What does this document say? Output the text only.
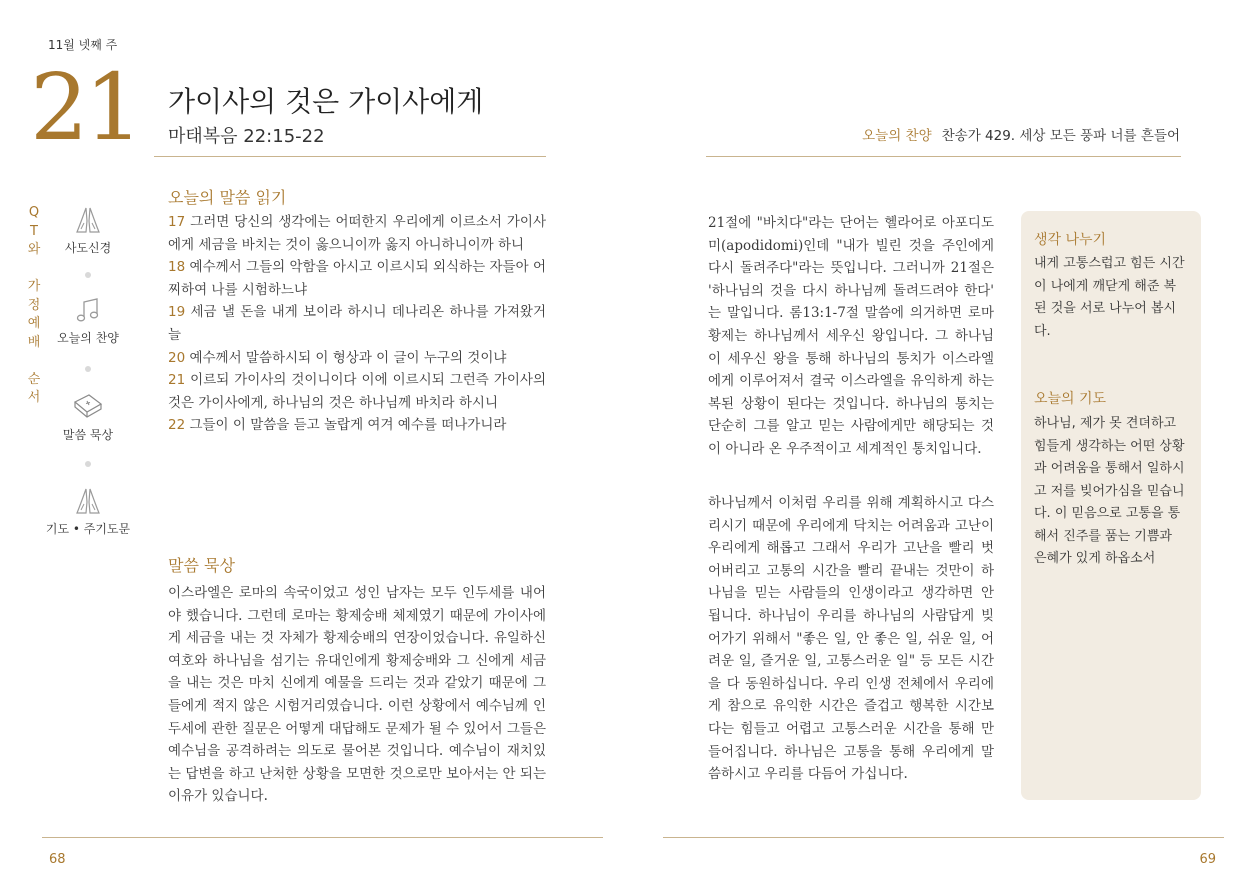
11월 넷째 주
21 가이사의 것은 가이사에게
마태복음 22:15-22	오늘의 찬양 찬송가 429. 세상 모든 풍파 너를 흔들어
Q
T
와
가
정
예
배
순
서
사도신경
오늘의 찬양
말씀 묵상
기도 • 주기도문
오늘의 말씀 읽기

17 그러면 당신의 생각에는 어떠한지 우리에게 이르소서 가이사에게 세금을 바치는 것이 옳으니이까 옳지 아니하니이까 하니

18 예수께서 그들의 악함을 아시고 이르시되 외식하는 자들아 어찌하여 나를 시험하느냐

19 세금 낼 돈을 내게 보이라 하시니 데나리온 하나를 가져왔거늘

20 예수께서 말씀하시되 이 형상과 이 글이 누구의 것이냐

21 이르되 가이사의 것이니이다 이에 이르시되 그런즉 가이사의 것은 가이사에게, 하나님의 것은 하나님께 바치라 하시니

22 그들이 이 말씀을 듣고 놀랍게 여겨 예수를 떠나가니라

말씀 묵상
이스라엘은 로마의 속국이었고 성인 남자는 모두 인두세를 내어야 했습니다. 그런데 로마는 황제숭배 체제였기 때문에 가이사에게 세금을 내는 것 자체가 황제숭배의 연장이었습니다. 유일하신 여호와 하나님을 섬기는 유대인에게 황제숭배와 그 신에게 세금을 내는 것은 마치 신에게 예물을 드리는 것과 같았기 때문에 그들에게 적지 않은 시험거리였습니다. 이런 상황에서 예수님께 인두세에 관한 질문은 어떻게 대답해도 문제가 될 수 있어서 그들은 예수님을 공격하려는 의도로 물어본 것입니다. 예수님이 재치있는 답변을 하고 난처한 상황을 모면한 것으로만 보아서는 안 되는 이유가 있습니다.
21절에 "바치다"라는 단어는 헬라어로 아포디도미(apodidomi)인데 "내가 빌린 것을 주인에게 다시 돌려주다"라는 뜻입니다. 그러니까 21절은 '하나님의 것을 다시 하나님께 돌려드려야 한다' 는 말입니다. 롬13:1-7절 말씀에 의거하면 로마 황제는 하나님께서 세우신 왕입니다. 그 하나님이 세우신 왕을 통해 하나님의 통치가 이스라엘에게 이루어져서 결국 이스라엘을 유익하게 하는 복된 상황이 된다는 것입니다. 하나님의 통치는 단순히 그를 알고 믿는 사람에게만 해당되는 것이 아니라 온 우주적이고 세계적인 통치입니다.
하나님께서 이처럼 우리를 위해 계획하시고 다스리시기 때문에 우리에게 닥치는 어려움과 고난이 우리에게 해롭고 그래서 우리가 고난을 빨리 벗어버리고 고통의 시간을 빨리 끝내는 것만이 하나님을 믿는 사람들의 인생이라고 생각하면 안 됩니다. 하나님이 우리를 하나님의 사람답게 빚어가기 위해서 "좋은 일, 안 좋은 일, 쉬운 일, 어려운 일, 즐거운 일, 고통스러운 일" 등 모든 시간을 다 동원하십니다. 우리 인생 전체에서 우리에게 참으로 유익한 시간은 즐겁고 행복한 시간보다는 힘들고 어렵고 고통스러운 시간을 통해 만들어집니다. 하나님은 고통을 통해 우리에게 말씀하시고 우리를 다듬어 가십니다.
생각 나누기
내게 고통스럽고 힘든 시간이 나에게 깨닫게 해준 복된 것을 서로 나누어 봅시다.
오늘의 기도
하나님, 제가 못 견뎌하고 힘들게 생각하는 어떤 상황과 어려움을 통해서 일하시고 저를 빚어가심을 믿습니다. 이 믿음으로 고통을 통해서 진주를 품는 기쁨과 은혜가 있게 하옵소서
68	69
